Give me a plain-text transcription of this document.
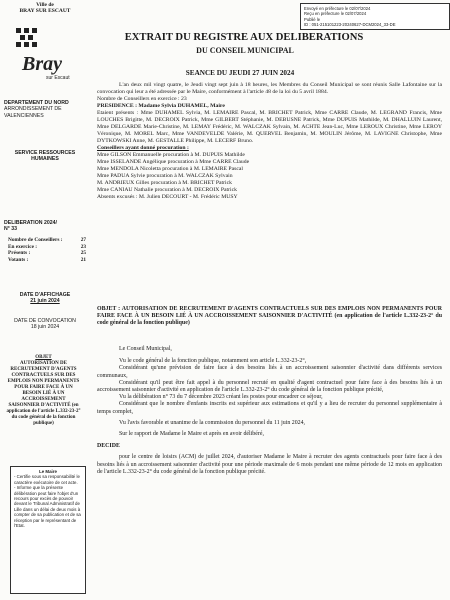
Envoyé en préfecture le 02/07/2024
Reçu en préfecture le 02/07/2024
Publié le
ID : 051-215101223-20240627-DCM2024_33-DE
Ville de
BRAY SUR ESCAUT
Bray
sur Escaut
EXTRAIT DU REGISTRE AUX DELIBERATIONS
DU CONSEIL MUNICIPAL
SEANCE DU JEUDI 27 JUIN 2024
DEPARTEMENT DU NORD
ARRONDISSEMENT DE VALENCIENNES
SERVICE RESSOURCES HUMAINES
DELIBERATION 2024/
N° 33
Nombre de Conseillers :	27
En exercice :	23
Présents :	25
Votants :	21
DATE D'AFFICHAGE
21 juin 2024
DATE DE CONVOCATION
18 juin 2024
OBJET
AUTORISATION DE RECRUTEMENT D'AGENTS CONTRACTUELS SUR DES EMPLOIS NON PERMANENTS POUR FAIRE FACE À UN BESOIN LIÉ À UN ACCROISSEMENT SAISONNIER D'ACTIVITÉ (en application de l'article L.332-23-2° du code général de la fonction publique)
Le Maire
- Certifie sous sa responsabilité le caractère exécutoire de cet acte.
- Informe que la présente délibération peut faire l'objet d'un recours pour excès de pouvoir devant le Tribunal Administratif de Lille dans un délai de deux mois à compter de sa publication et de sa réception par le représentant de l'Etat.
L'an deux mil vingt quatre, le Jeudi vingt sept juin à 18 heures, les Membres du Conseil Municipal se sont réunis Salle Lafontaine sur la convocation qui leur a été adressée par le Maire, conformément à l'article 48 de la loi du 5 avril 1884.
Nombre de Conseillers en exercice : 23
PRESIDENCE : Madame Sylvia DUHAMEL, Maire
Etaient présents : Mme DUHAMEL Sylvia, M. LEMAIRE Pascal, M. BRICHET Patrick, Mme CARRE Claude, M. LEGRAND Francis, Mme LOUCHES Brigitte, M. DECROIX Patrick, Mme GILBERT Stéphanie, M. DEBUSNE Patrick, Mme DUPUIS Mathilde, M. DHALLUIN Laurent, Mme DELGARDE Marie-Christine, M. LEMAY Frédéric, M. WALCZAK Sylvain, M. ACHTE Jean-Luc, Mme LEROUX Christine, Mme LEROY Véronique, M. MOREL Marc, Mme VANDEVELDE Valérie, M. QUERVEL Benjamin, M. MOULIN Jérôme, M. LAVIGNE Christophe, Mme DYTKOWSKI Anne, M. GESTALLE Philippe, M. LECERF Bruno.
Conseillers ayant donné procuration :
Mme GILSON Emmanuelle procuration à M. DUPUIS Mathilde
Mme ISSELANDE Angélique procuration à Mme CARRE Claude
Mme MENDOLA Nicoletta procuration à M. LEMAIRE Pascal
Mme PADUA Sylvie procuration à M. WALCZAK Sylvain
M. ANDRIEUX Gilles procuration à M. BRICHET Patrick
Mme CANIAU Nathalie procuration à M. DECROIX Patrick
Absents excusés : M. Julien DECOURT - M. Frédéric MUSY
OBJET : AUTORISATION DE RECRUTEMENT D'AGENTS CONTRACTUELS SUR DES EMPLOIS NON PERMANENTS POUR FAIRE FACE À UN BESOIN LIÉ À UN ACCROISSEMENT SAISONNIER D'ACTIVITÉ (en application de l'article L.332-23-2° du code général de la fonction publique)
Le Conseil Municipal,
Vu le code général de la fonction publique, notamment son article L.332-23-2°,
Considérant qu'une prévision de faire face à des besoins liés à un accroissement saisonnier d'activité dans différents services communaux,
Considérant qu'il peut être fait appel à du personnel recruté en qualité d'agent contractuel pour faire face à des besoins liés à un accroissement saisonnier d'activité en application de l'article L.332-23-2° du code général de la fonction publique précité,
Vu la délibération n° 73 du 7 décembre 2023 créant les postes pour encadrer ce séjour,
Considérant que le nombre d'enfants inscrits est supérieur aux estimations et qu'il y a lieu de recruter du personnel supplémentaire à temps complet,
Vu l'avis favorable et unanime de la commission du personnel du 11 juin 2024,
Sur le rapport de Madame le Maire et après en avoir délibéré,
DECIDE
pour le centre de loisirs (ACM) de juillet 2024, d'autoriser Madame le Maire à recruter des agents contractuels pour faire face à des besoins liés à un accroissement saisonnier d'activité pour une période maximale de 6 mois pendant une même période de 12 mois en application de l'article L.332-23-2° du code général de la fonction publique précité.
